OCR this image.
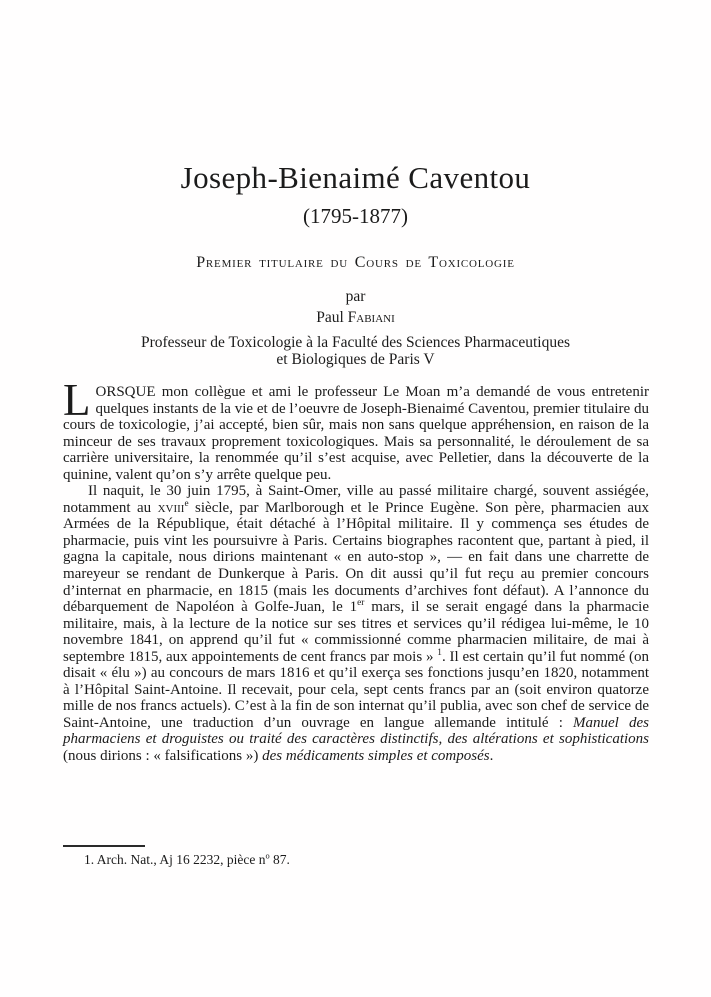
Joseph-Bienaimé Caventou
(1795-1877)
Premier titulaire du Cours de Toxicologie
par
Paul Fabiani
Professeur de Toxicologie à la Faculté des Sciences Pharmaceutiques
et Biologiques de Paris V

LORSQUE mon collègue et ami le professeur Le Moan m’a demandé de vous entretenir quelques instants de la vie et de l’oeuvre de Joseph-Bienaimé Caventou, premier titulaire du cours de toxicologie, j’ai accepté, bien sûr, mais non sans quelque appréhension, en raison de la minceur de ses travaux proprement toxicologiques. Mais sa personnalité, le déroulement de sa carrière universitaire, la renommée qu’il s’est acquise, avec Pelletier, dans la découverte de la quinine, valent qu’on s’y arrête quelque peu.

Il naquit, le 30 juin 1795, à Saint-Omer, ville au passé militaire chargé, souvent assiégée, notamment au xviii$^e$ siècle, par Marlborough et le Prince Eugène. Son père, pharmacien aux Armées de la République, était détaché à l’Hôpital militaire. Il y commença ses études de pharmacie, puis vint les poursuivre à Paris. Certains biographes racontent que, partant à pied, il gagna la capitale, nous dirions maintenant « en auto-stop », — en fait dans une charrette de mareyeur se rendant de Dunkerque à Paris. On dit aussi qu’il fut reçu au premier concours d’internat en pharmacie, en 1815 (mais les documents d’archives font défaut). A l’annonce du débarquement de Napoléon à Golfe-Juan, le 1er mars, il se serait engagé dans la pharmacie militaire, mais, à la lecture de la notice sur ses titres et services qu’il rédigea lui-même, le 10 novembre 1841, on apprend qu’il fut « commissionné comme pharmacien militaire, de mai à septembre 1815, aux appointements de cent francs par mois » $^1$. Il est certain qu’il fut nommé (on disait « élu ») au concours de mars 1816 et qu’il exerça ses fonctions jusqu’en 1820, notamment à l’Hôpital Saint-Antoine. Il recevait, pour cela, sept cents francs par an (soit environ quatorze mille de nos francs actuels). C’est à la fin de son internat qu’il publia, avec son chef de service de Saint-Antoine, une traduction d’un ouvrage en langue allemande intitulé : Manuel des pharmaciens et droguistes ou traité des caractères distinctifs, des altérations et sophistications (nous dirions : « falsifications ») des médicaments simples et composés.

1. Arch. Nat., Aj 16 2232, pièce $n^o$ 87.
